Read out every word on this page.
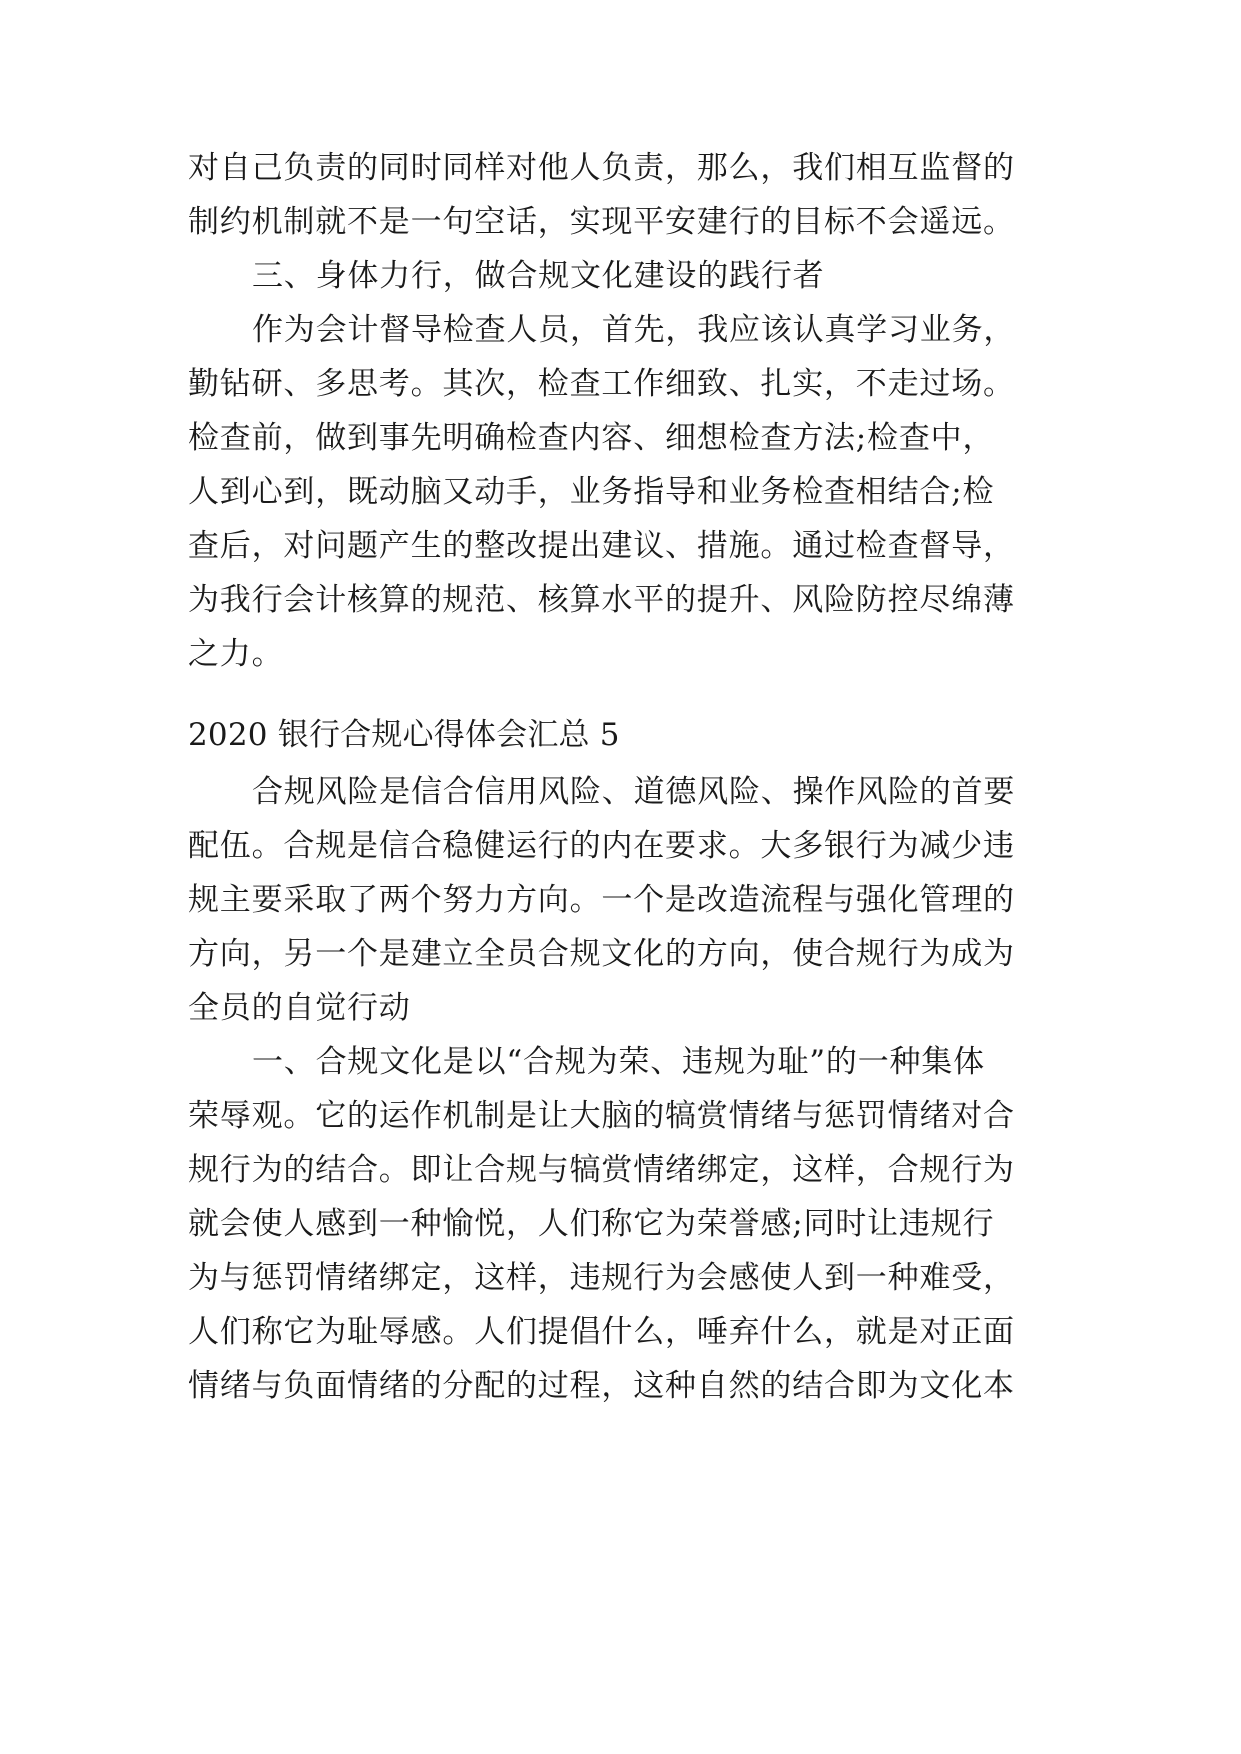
对自己负责的同时同样对他人负责，那么，我们相互监督的

制约机制就不是一句空话，实现平安建行的目标不会遥远。

三、身体力行，做合规文化建设的践行者

作为会计督导检查人员，首先，我应该认真学习业务，

勤钻研、多思考。其次，检查工作细致、扎实，不走过场。

检查前，做到事先明确检查内容、细想检查方法;检查中，

人到心到，既动脑又动手，业务指导和业务检查相结合;检

查后，对问题产生的整改提出建议、措施。通过检查督导，

为我行会计核算的规范、核算水平的提升、风险防控尽绵薄

之力。

2020 银行合规心得体会汇总 5

合规风险是信合信用风险、道德风险、操作风险的首要

配伍。合规是信合稳健运行的内在要求。大多银行为减少违

规主要采取了两个努力方向。一个是改造流程与强化管理的

方向，另一个是建立全员合规文化的方向，使合规行为成为

全员的自觉行动

一、合规文化是以“合规为荣、违规为耻”的一种集体

荣辱观。它的运作机制是让大脑的犒赏情绪与惩罚情绪对合

规行为的结合。即让合规与犒赏情绪绑定，这样，合规行为

就会使人感到一种愉悦，人们称它为荣誉感;同时让违规行

为与惩罚情绪绑定，这样，违规行为会感使人到一种难受，

人们称它为耻辱感。人们提倡什么，唾弃什么，就是对正面

情绪与负面情绪的分配的过程，这种自然的结合即为文化本
